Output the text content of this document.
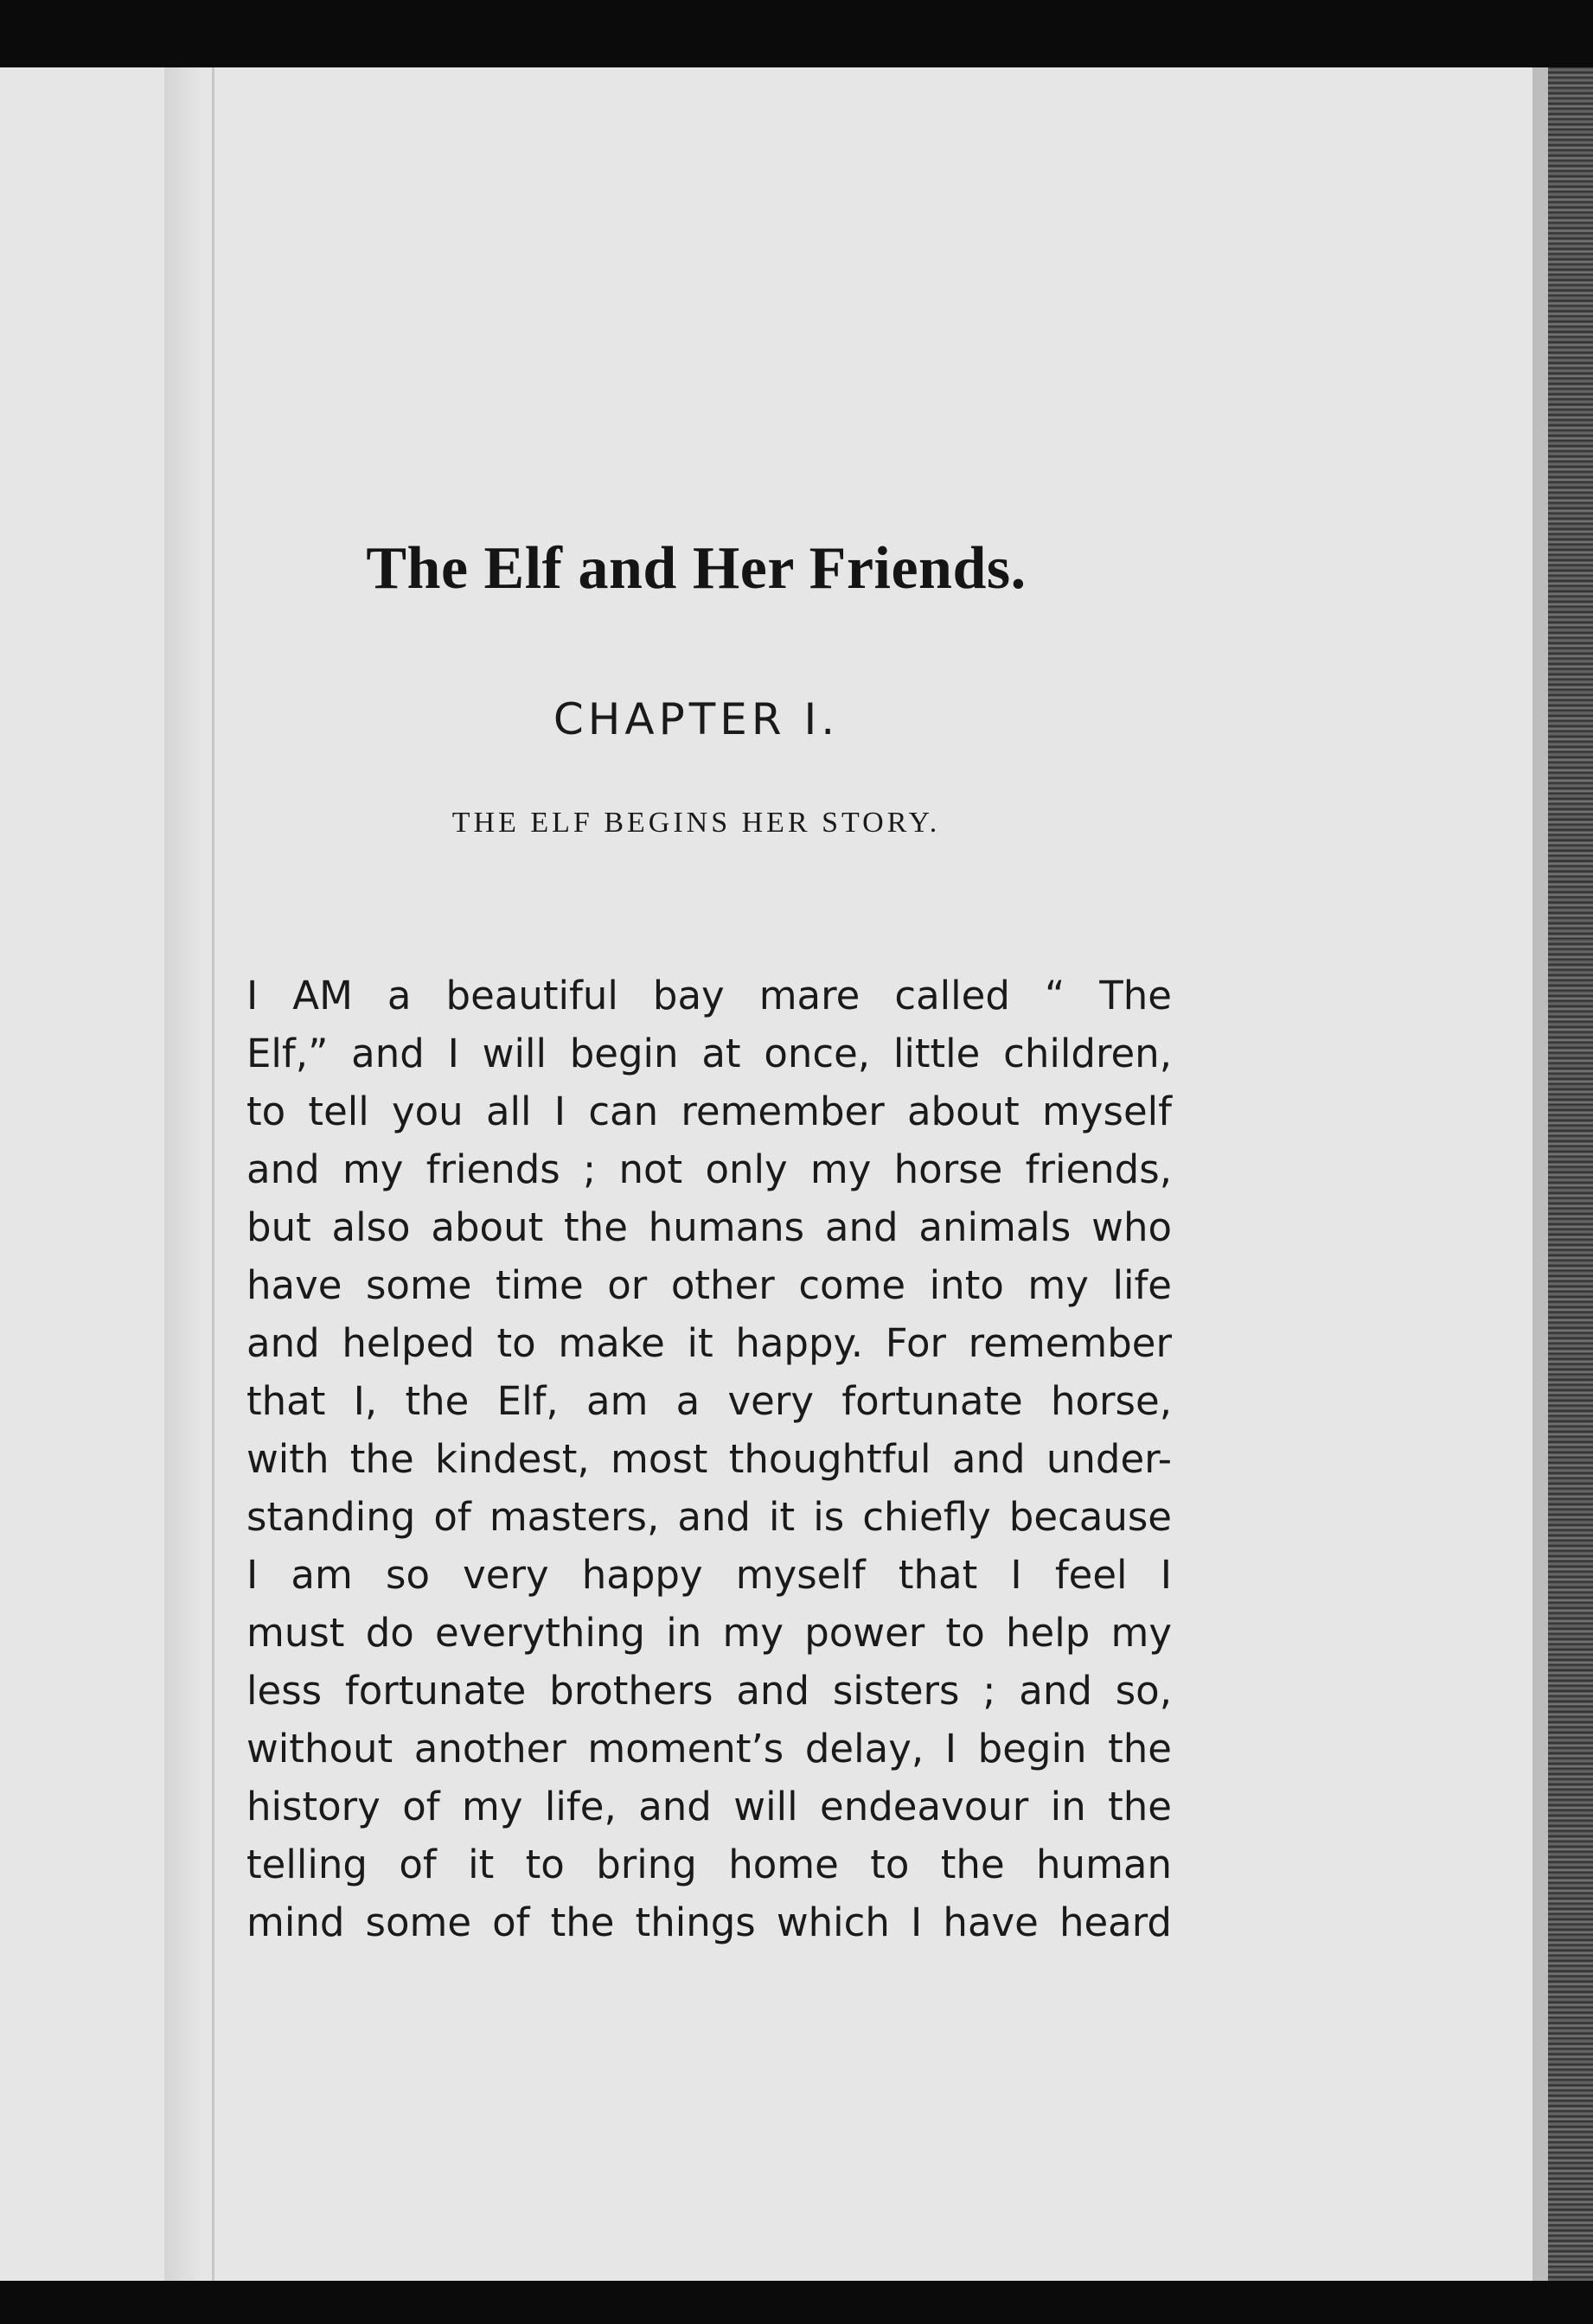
The Elf and Her Friends.
CHAPTER I.
THE ELF BEGINS HER STORY.
I AM a beautiful bay mare called “ The
Elf,” and I will begin at once, little children,
to tell you all I can remember about myself
and my friends ; not only my horse friends,
but also about the humans and animals who
have some time or other come into my life
and helped to make it happy. For remember
that I, the Elf, am a very fortunate horse,
with the kindest, most thoughtful and under-
standing of masters, and it is chiefly because
I am so very happy myself that I feel I
must do everything in my power to help my
less fortunate brothers and sisters ; and so,
without another moment’s delay, I begin the
history of my life, and will endeavour in the
telling of it to bring home to the human
mind some of the things which I have heard
